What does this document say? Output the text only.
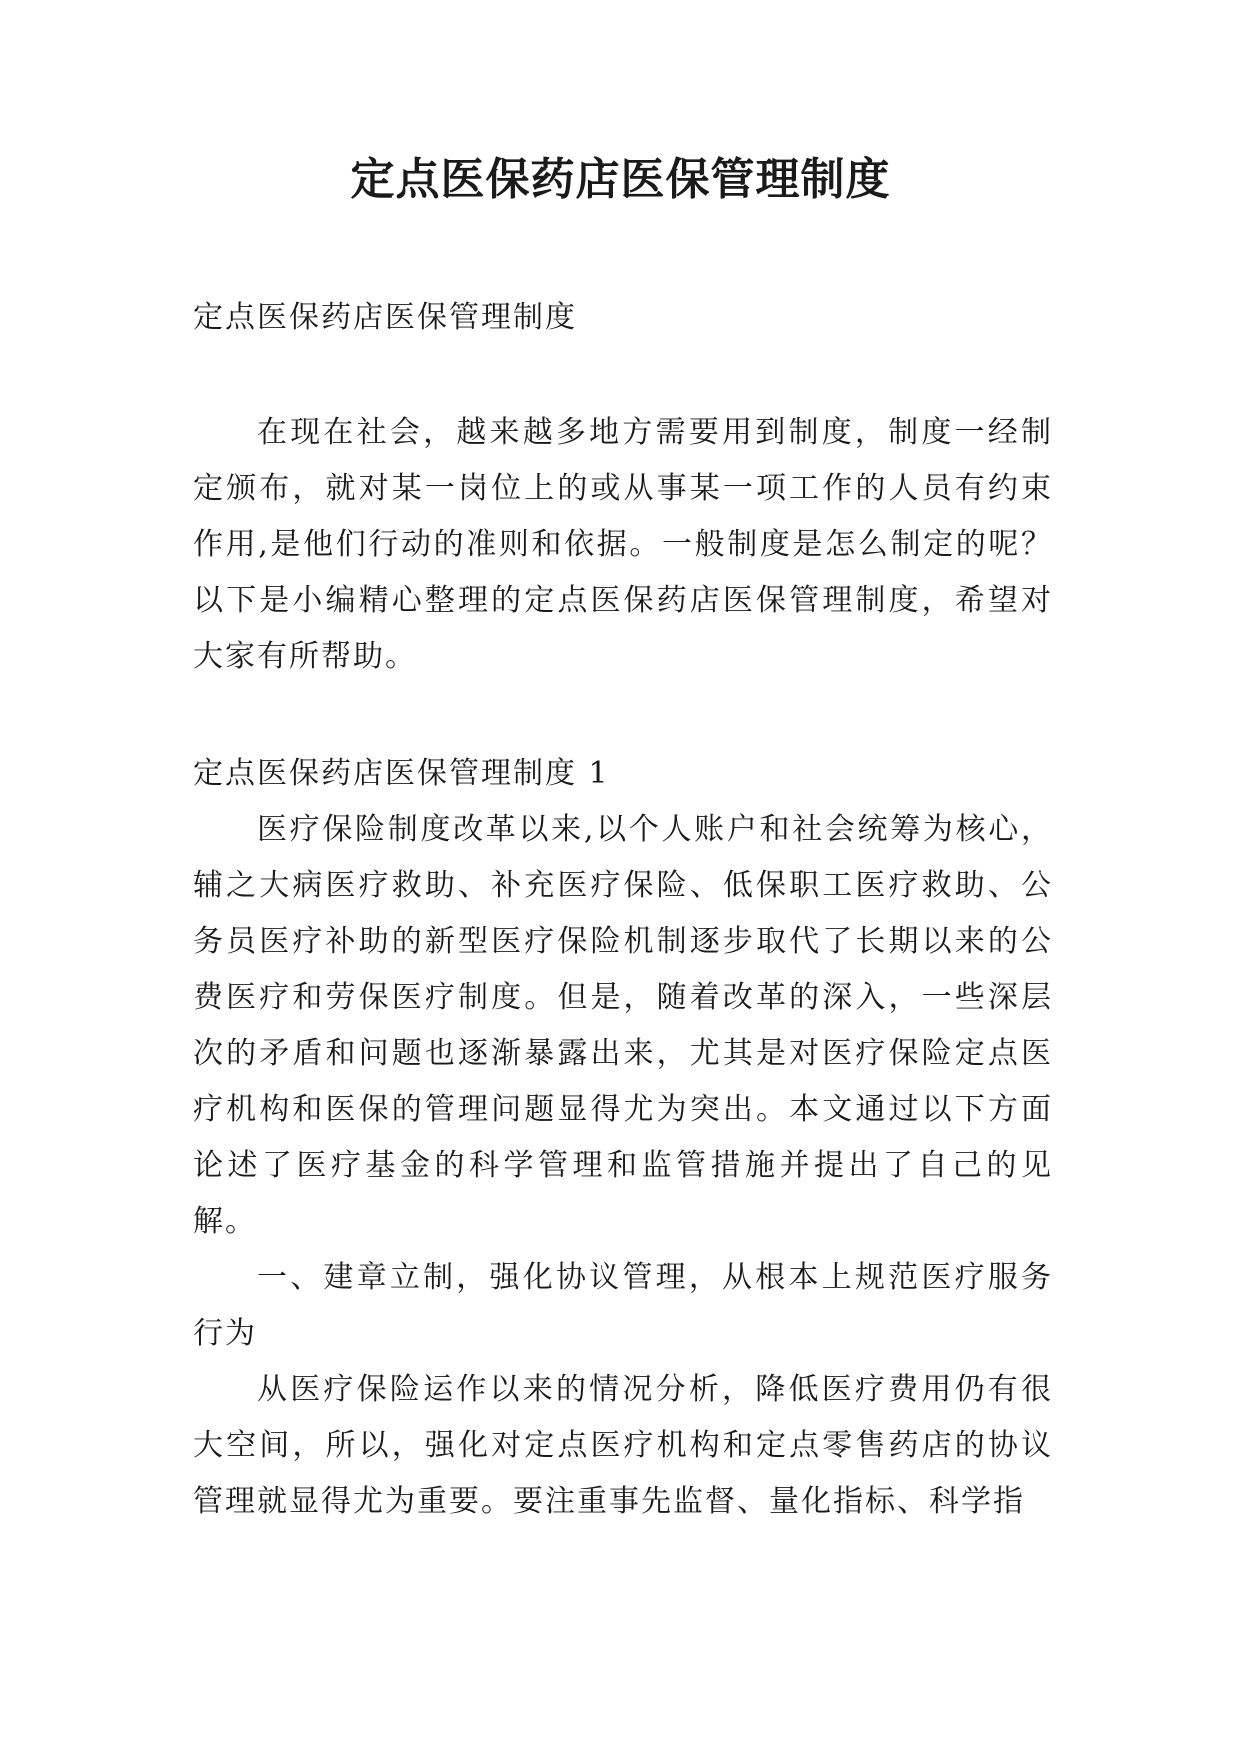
定点医保药店医保管理制度
定点医保药店医保管理制度

在现在社会，越来越多地方需要用到制度，制度一经制定颁布，就对某一岗位上的或从事某一项工作的人员有约束作用,是他们行动的准则和依据。一般制度是怎么制定的呢？以下是小编精心整理的定点医保药店医保管理制度，希望对大家有所帮助。

定点医保药店医保管理制度 1

医疗保险制度改革以来,以个人账户和社会统筹为核心，辅之大病医疗救助、补充医疗保险、低保职工医疗救助、公务员医疗补助的新型医疗保险机制逐步取代了长期以来的公费医疗和劳保医疗制度。但是，随着改革的深入，一些深层次的矛盾和问题也逐渐暴露出来，尤其是对医疗保险定点医疗机构和医保的管理问题显得尤为突出。本文通过以下方面论述了医疗基金的科学管理和监管措施并提出了自己的见解。

一、建章立制，强化协议管理，从根本上规范医疗服务行为

从医疗保险运作以来的情况分析，降低医疗费用仍有很大空间，所以，强化对定点医疗机构和定点零售药店的协议管理就显得尤为重要。要注重事先监督、量化指标、科学指
